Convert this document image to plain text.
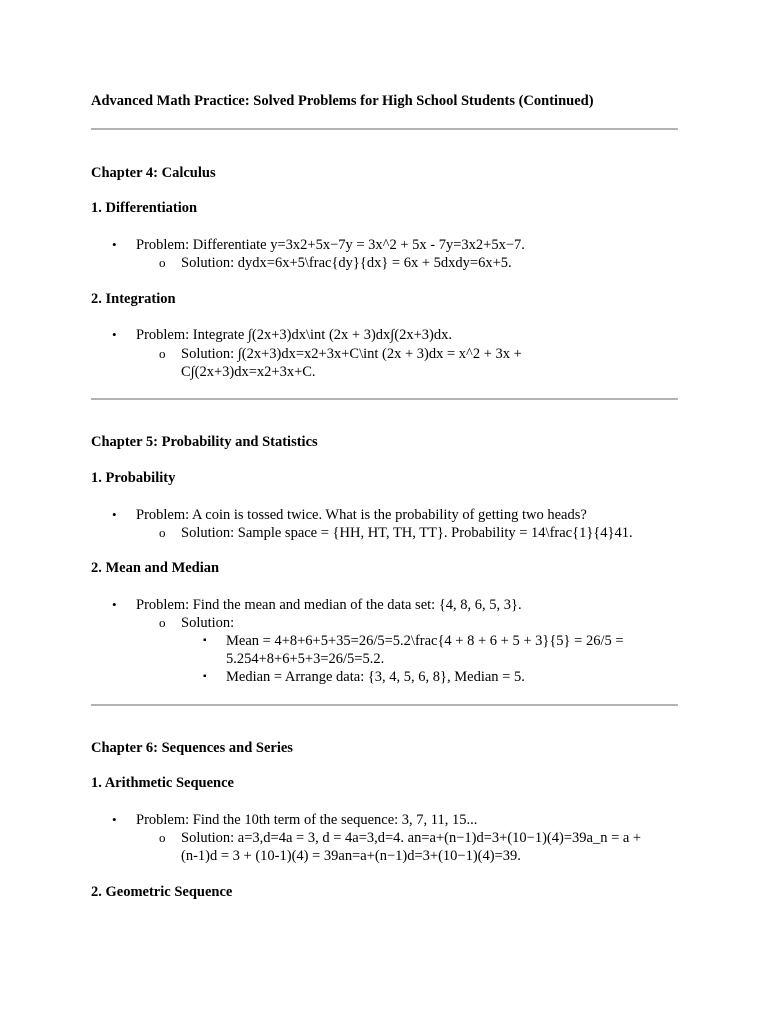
Advanced Math Practice: Solved Problems for High School Students (Continued)
Chapter 4: Calculus
1. Differentiation
• Problem: Differentiate y=3x2+5x−7y = 3x^2 + 5x - 7y=3x2+5x−7.
o Solution: dydx=6x+5\frac{dy}{dx} = 6x + 5dxdy=6x+5.
2. Integration
• Problem: Integrate ∫(2x+3)dx\int (2x + 3)dx∫(2x+3)dx.
o Solution: ∫(2x+3)dx=x2+3x+C\int (2x + 3)dx = x^2 + 3x +
C∫(2x+3)dx=x2+3x+C.
Chapter 5: Probability and Statistics
1. Probability
• Problem: A coin is tossed twice. What is the probability of getting two heads?
o Solution: Sample space = {HH, HT, TH, TT}. Probability = 14\frac{1}{4}41.
2. Mean and Median
• Problem: Find the mean and median of the data set: {4, 8, 6, 5, 3}.
o Solution:
▪ Mean = 4+8+6+5+35=26/5=5.2\frac{4 + 8 + 6 + 5 + 3}{5} = 26/5 =
5.254+8+6+5+3=26/5=5.2.
▪ Median = Arrange data: {3, 4, 5, 6, 8}, Median = 5.
Chapter 6: Sequences and Series
1. Arithmetic Sequence
• Problem: Find the 10th term of the sequence: 3, 7, 11, 15...
o Solution: a=3,d=4a = 3, d = 4a=3,d=4. an=a+(n−1)d=3+(10−1)(4)=39a_n = a +
(n-1)d = 3 + (10-1)(4) = 39an=a+(n−1)d=3+(10−1)(4)=39.
2. Geometric Sequence
